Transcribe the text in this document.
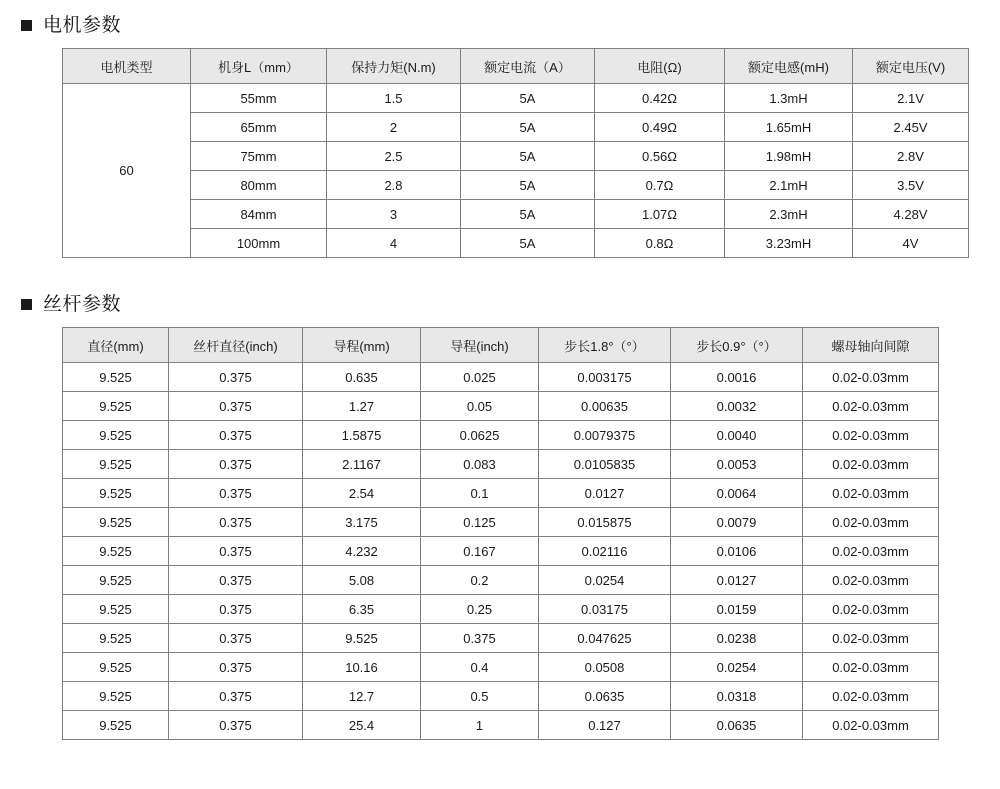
电机参数
电机类型	机身L（mm）	保持力矩(N.m)	额定电流（A）	电阻(Ω)	额定电感(mH)	额定电压(V)
60	55mm	1.5	5A	0.42Ω	1.3mH	2.1V
	65mm	2	5A	0.49Ω	1.65mH	2.45V
	75mm	2.5	5A	0.56Ω	1.98mH	2.8V
	80mm	2.8	5A	0.7Ω	2.1mH	3.5V
	84mm	3	5A	1.07Ω	2.3mH	4.28V
	100mm	4	5A	0.8Ω	3.23mH	4V
丝杆参数
直径(mm)	丝杆直径(inch)	导程(mm)	导程(inch)	步长1.8°（°）	步长0.9°（°）	螺母轴向间隙
9.525	0.375	0.635	0.025	0.003175	0.0016	0.02-0.03mm
9.525	0.375	1.27	0.05	0.00635	0.0032	0.02-0.03mm
9.525	0.375	1.5875	0.0625	0.0079375	0.0040	0.02-0.03mm
9.525	0.375	2.1167	0.083	0.0105835	0.0053	0.02-0.03mm
9.525	0.375	2.54	0.1	0.0127	0.0064	0.02-0.03mm
9.525	0.375	3.175	0.125	0.015875	0.0079	0.02-0.03mm
9.525	0.375	4.232	0.167	0.02116	0.0106	0.02-0.03mm
9.525	0.375	5.08	0.2	0.0254	0.0127	0.02-0.03mm
9.525	0.375	6.35	0.25	0.03175	0.0159	0.02-0.03mm
9.525	0.375	9.525	0.375	0.047625	0.0238	0.02-0.03mm
9.525	0.375	10.16	0.4	0.0508	0.0254	0.02-0.03mm
9.525	0.375	12.7	0.5	0.0635	0.0318	0.02-0.03mm
9.525	0.375	25.4	1	0.127	0.0635	0.02-0.03mm
